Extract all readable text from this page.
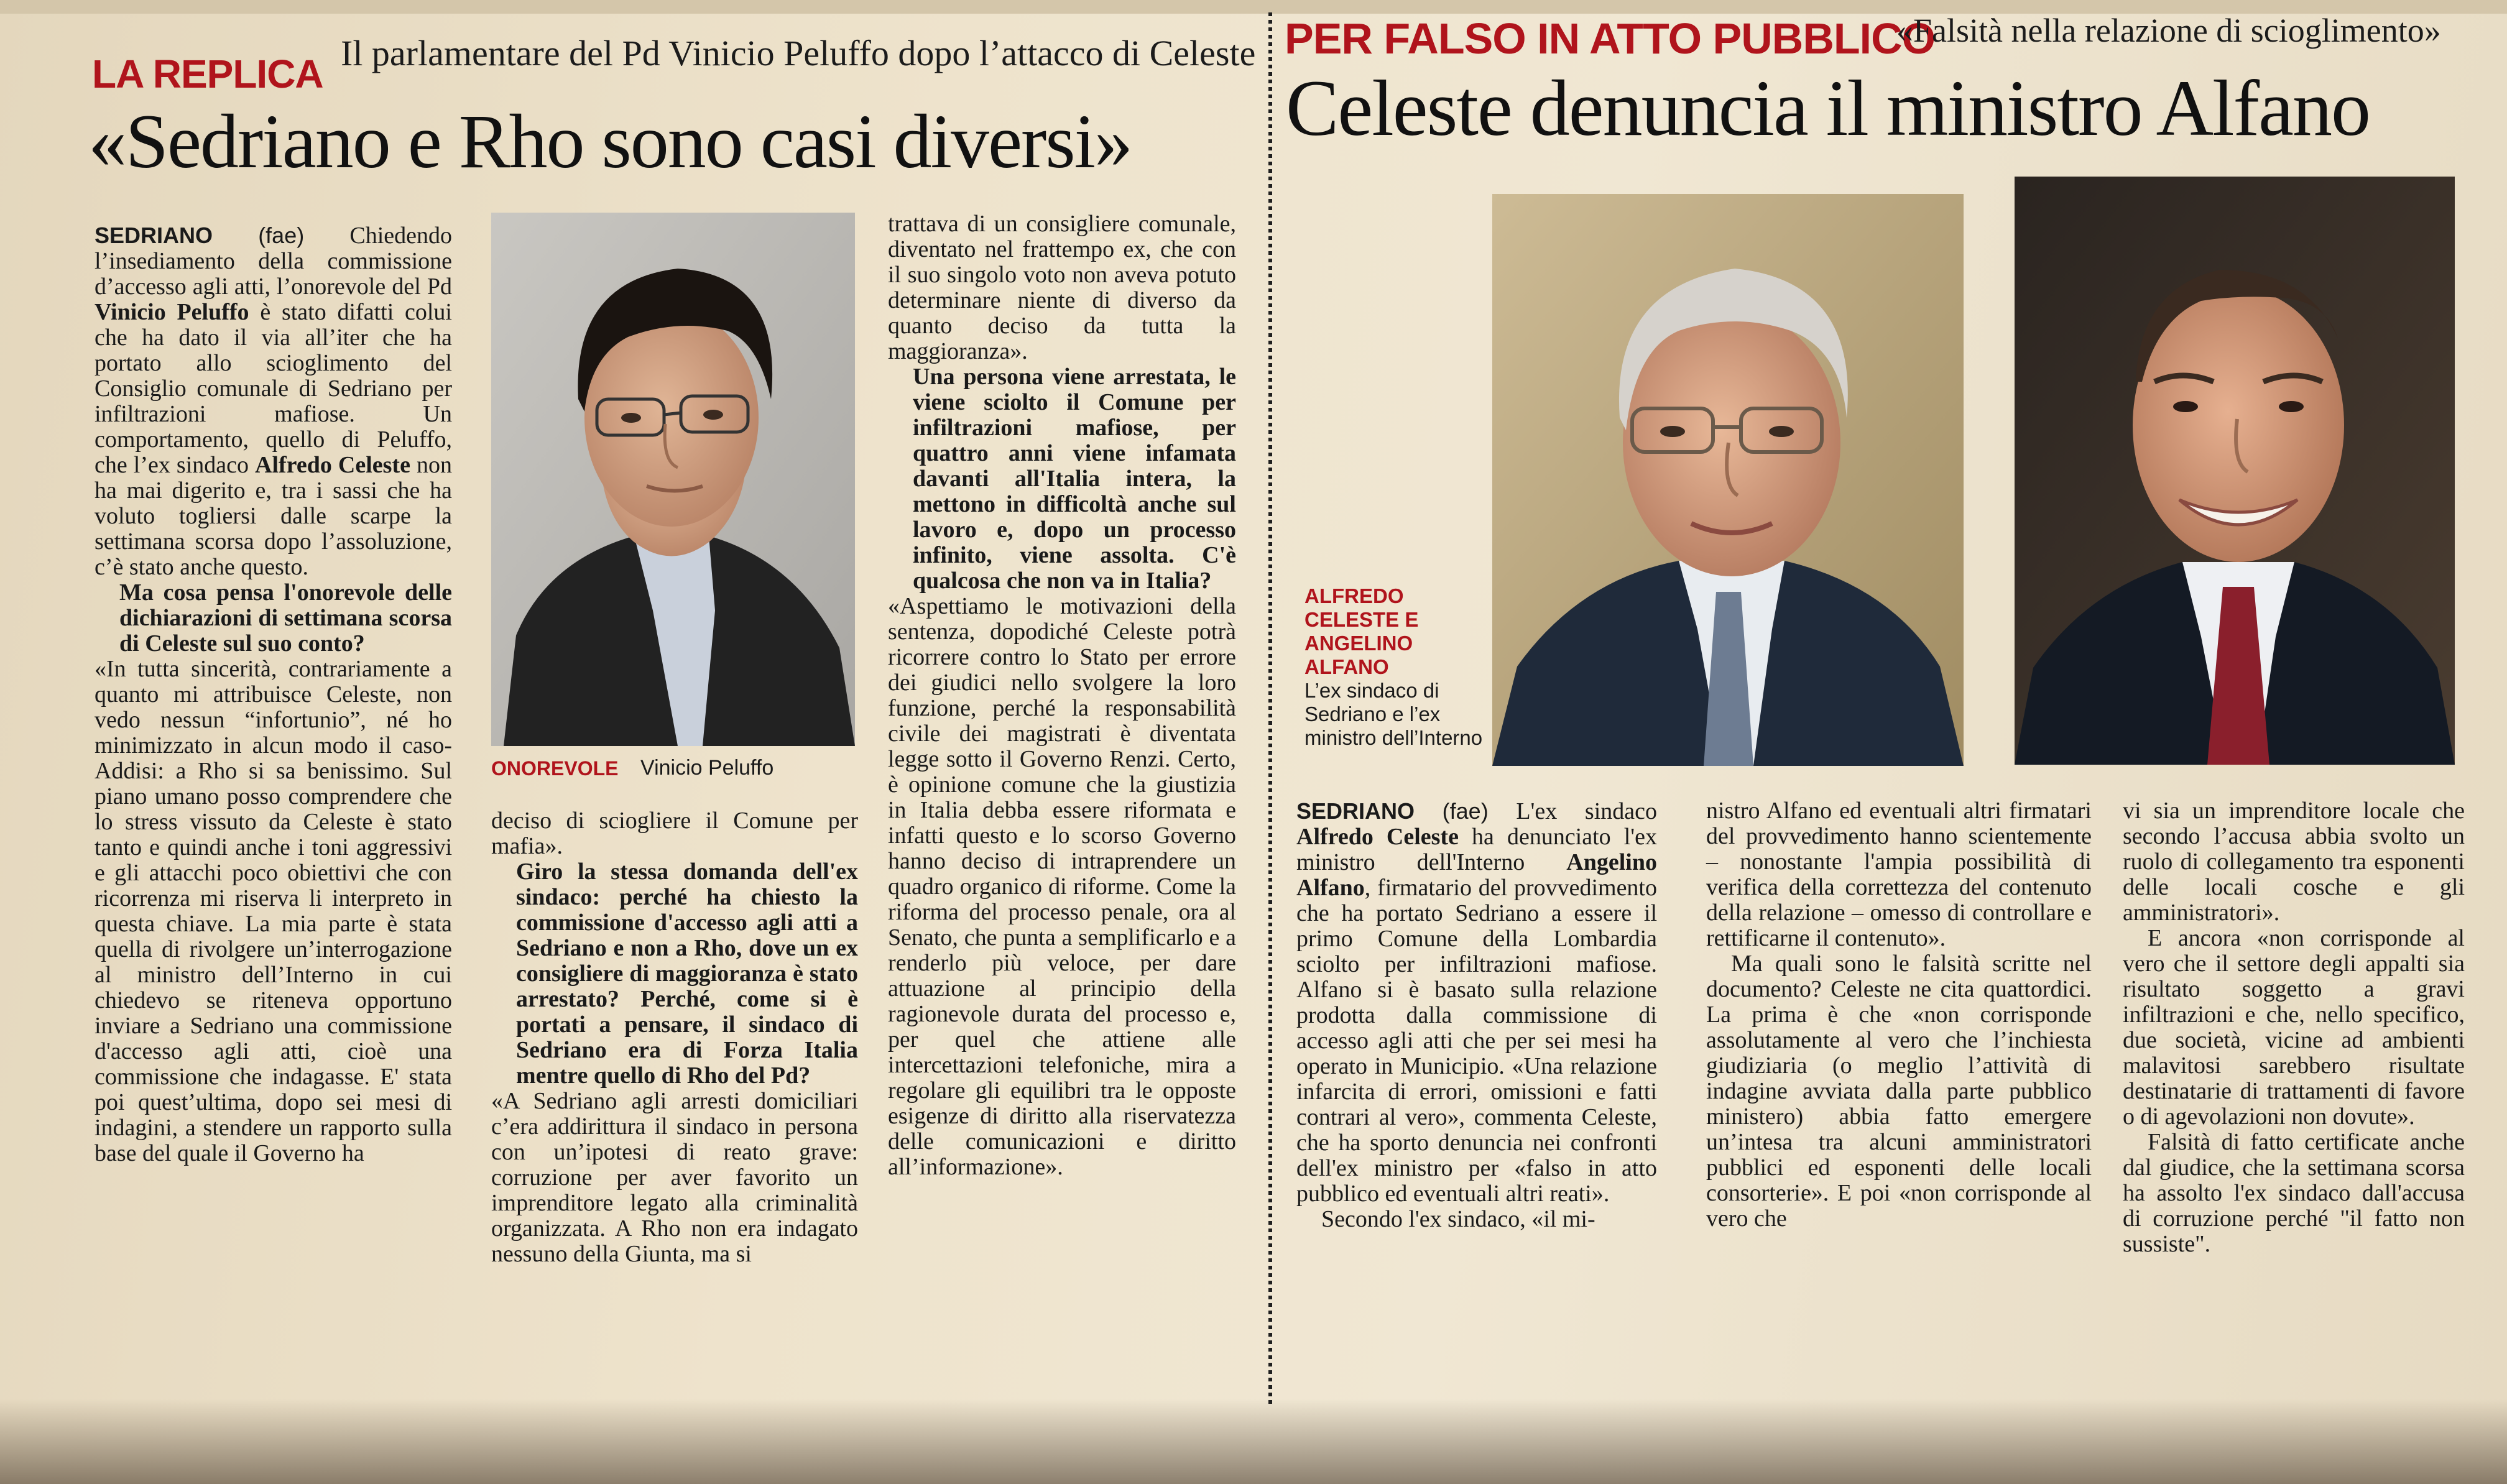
LA REPLICA Il parlamentare del Pd Vinicio Peluffo dopo l’attacco di Celeste
«Sedriano e Rho sono casi diversi»

SEDRIANO (fae) Chiedendo l’insediamento della commissione d’accesso agli atti, l’onorevole del Pd Vinicio Peluffo è stato difatti colui che ha dato il via all’iter che ha portato allo scioglimento del Consiglio comunale di Sedriano per infiltrazioni mafiose. Un comportamento, quello di Peluffo, che l’ex sindaco Alfredo Celeste non ha mai digerito e, tra i sassi che ha voluto togliersi dalle scarpe la settimana scorsa dopo l’assoluzione, c’è stato anche questo.

Ma cosa pensa l'onorevole delle dichiarazioni di settimana scorsa di Celeste sul suo conto?

«In tutta sincerità, contrariamente a quanto mi attribuisce Celeste, non vedo nessun “infortunio”, né ho minimizzato in alcun modo il caso-Addisi: a Rho si sa benissimo. Sul piano umano posso comprendere che lo stress vissuto da Celeste è stato tanto e quindi anche i toni aggressivi e gli attacchi poco obiettivi che con ricorrenza mi riserva li interpreto in questa chiave. La mia parte è stata quella di rivolgere un’interrogazione al ministro dell’Interno in cui chiedevo se riteneva opportuno inviare a Sedriano una commissione d'accesso agli atti, cioè una commissione che indagasse. E' stata poi quest’ultima, dopo sei mesi di indagini, a stendere un rapporto sulla base del quale il Governo ha

ONOREVOLE Vinicio Peluffo

deciso di sciogliere il Comune per mafia».

Giro la stessa domanda dell'ex sindaco: perché ha chiesto la commissione d'accesso agli atti a Sedriano e non a Rho, dove un ex consigliere di maggioranza è stato arrestato? Perché, come si è portati a pensare, il sindaco di Sedriano era di Forza Italia mentre quello di Rho del Pd?

«A Sedriano agli arresti domiciliari c’era addirittura il sindaco in persona con un’ipotesi di reato grave: corruzione per aver favorito un imprenditore legato alla criminalità organizzata. A Rho non era indagato nessuno della Giunta, ma si

trattava di un consigliere comunale, diventato nel frattempo ex, che con il suo singolo voto non aveva potuto determinare niente di diverso da quanto deciso da tutta la maggioranza».

Una persona viene arrestata, le viene sciolto il Comune per infiltrazioni mafiose, per quattro anni viene infamata davanti all'Italia intera, la mettono in difficoltà anche sul lavoro e, dopo un processo infinito, viene assolta. C'è qualcosa che non va in Italia?

«Aspettiamo le motivazioni della sentenza, dopodiché Celeste potrà ricorrere contro lo Stato per errore dei giudici nello svolgere la loro funzione, perché la responsabilità civile dei magistrati è diventata legge sotto il Governo Renzi. Certo, è opinione comune che la giustizia in Italia debba essere riformata e infatti questo e lo scorso Governo hanno deciso di intraprendere un quadro organico di riforme. Come la riforma del processo penale, ora al Senato, che punta a semplificarlo e a renderlo più veloce, per dare attuazione al principio della ragionevole durata del processo e, per quel che attiene alle intercettazioni telefoniche, mira a regolare gli equilibri tra le opposte esigenze di diritto alla riservatezza delle comunicazioni e diritto all’informazione».

PER FALSO IN ATTO PUBBLICO
«Falsità nella relazione di scioglimento»
Celeste denuncia il ministro Alfano
ALFREDO CELESTE E ANGELINO ALFANO
L’ex sindaco di Sedriano e l’ex ministro dell’Interno

SEDRIANO (fae) L'ex sindaco Alfredo Celeste ha denunciato l'ex ministro dell'Interno Angelino Alfano, firmatario del provvedimento che ha portato Sedriano a essere il primo Comune della Lombardia sciolto per infiltrazioni mafiose. Alfano si è basato sulla relazione prodotta dalla commissione di accesso agli atti che per sei mesi ha operato in Municipio. «Una relazione infarcita di errori, omissioni e fatti contrari al vero», commenta Celeste, che ha sporto denuncia nei confronti dell'ex ministro per «falso in atto pubblico ed eventuali altri reati».

Secondo l'ex sindaco, «il mi-

nistro Alfano ed eventuali altri firmatari del provvedimento hanno scientemente – nonostante l'ampia possibilità di verifica della correttezza del contenuto della relazione – omesso di controllare e rettificarne il contenuto».

Ma quali sono le falsità scritte nel documento? Celeste ne cita quattordici. La prima è che «non corrisponde assolutamente al vero che l’inchiesta giudiziaria (o meglio l’attività di indagine avviata dalla parte pubblico ministero) abbia fatto emergere un’intesa tra alcuni amministratori pubblici ed esponenti delle locali consorterie». E poi «non corrisponde al vero che

vi sia un imprenditore locale che secondo l’accusa abbia svolto un ruolo di collegamento tra esponenti delle locali cosche e gli amministratori».

E ancora «non corrisponde al vero che il settore degli appalti sia risultato soggetto a gravi infiltrazioni e che, nello specifico, due società, vicine ad ambienti malavitosi sarebbero risultate destinatarie di trattamenti di favore o di agevolazioni non dovute».

Falsità di fatto certificate anche dal giudice, che la settimana scorsa ha assolto l'ex sindaco dall'accusa di corruzione perché "il fatto non sussiste".
